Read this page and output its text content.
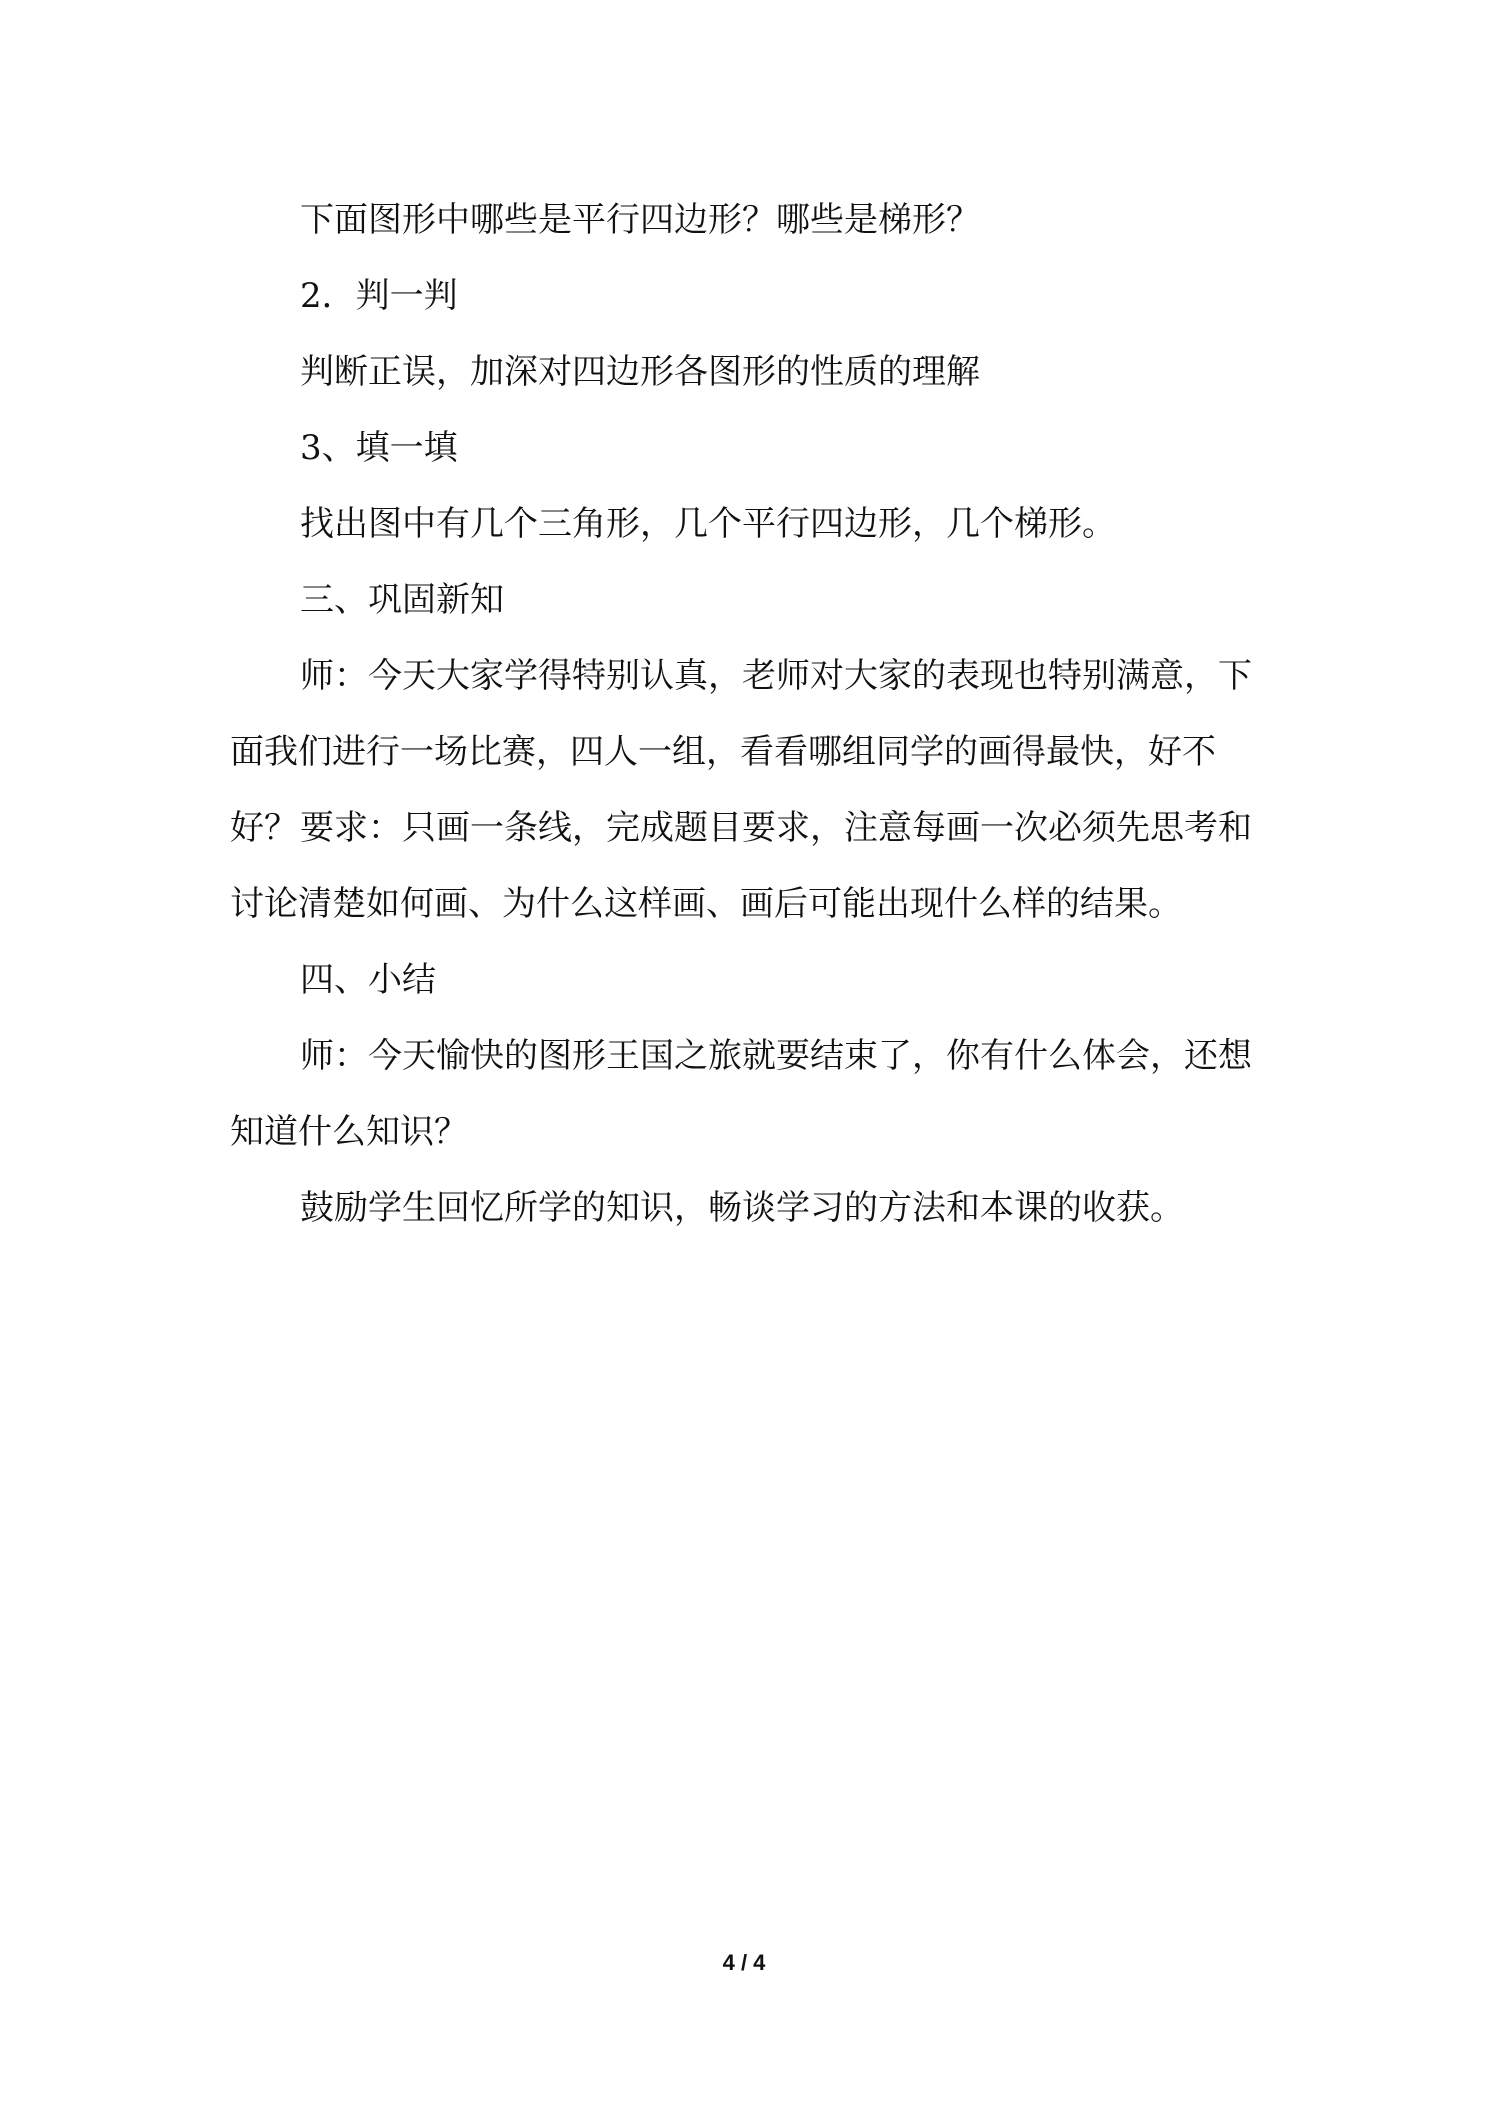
下面图形中哪些是平行四边形？哪些是梯形？

2．判一判

判断正误，加深对四边形各图形的性质的理解

3、填一填

找出图中有几个三角形，几个平行四边形，几个梯形。

三、巩固新知

师：今天大家学得特别认真，老师对大家的表现也特别满意，下面我们进行一场比赛，四人一组，看看哪组同学的画得最快，好不好？ 要求：只画一条线，完成题目要求，注意每画一次必须先思考和讨论清楚如何画、为什么这样画、画后可能出现什么样的结果。

四、小结

师：今天愉快的图形王国之旅就要结束了，你有什么体会，还想知道什么知识？

鼓励学生回忆所学的知识，畅谈学习的方法和本课的收获。

4 / 4
